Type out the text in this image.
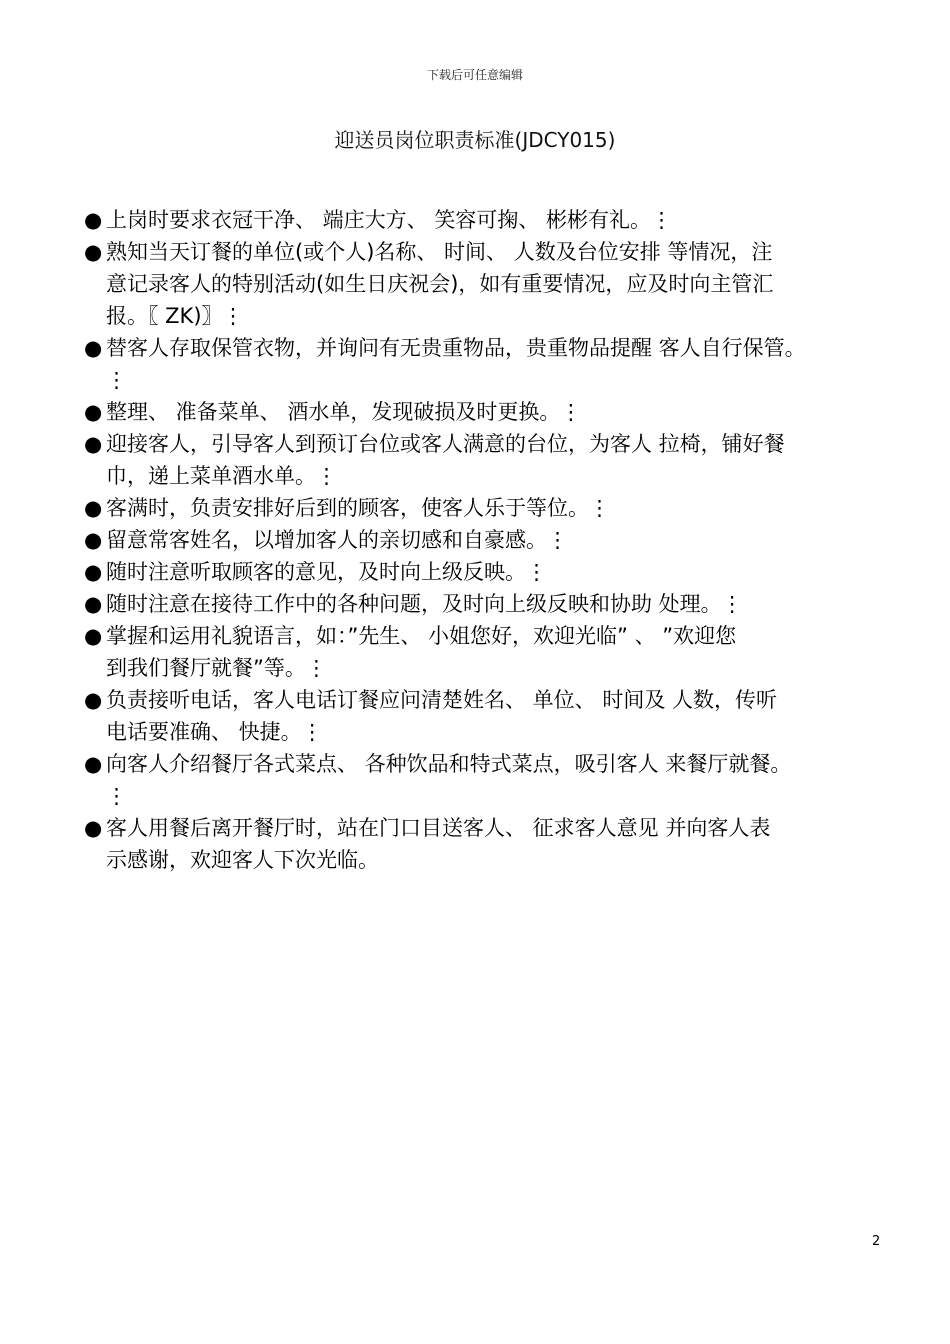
下载后可任意编辑
迎送员岗位职责标准(JDCY015)
● 上岗时要求衣冠干净、 端庄大方、 笑容可掬、 彬彬有礼。⋮
● 熟知当天订餐的单位(或个人)名称、 时间、 人数及台位安排 等情况，注
意记录客人的特别活动(如生日庆祝会)，如有重要情况，应及时向主管汇
报。〖 ZK)〗⋮
● 替客人存取保管衣物，并询问有无贵重物品，贵重物品提醒 客人自行保管。
⋮
● 整理、 准备菜单、 酒水单，发现破损及时更换。⋮
● 迎接客人，引导客人到预订台位或客人满意的台位，为客人 拉椅，铺好餐
巾，递上菜单酒水单。⋮
● 客满时，负责安排好后到的顾客，使客人乐于等位。⋮
● 留意常客姓名，以增加客人的亲切感和自豪感。⋮
● 随时注意听取顾客的意见，及时向上级反映。⋮
● 随时注意在接待工作中的各种问题，及时向上级反映和协助 处理。⋮
● 掌握和运用礼貌语言，如：”先生、 小姐您好，欢迎光临” 、 ”欢迎您
到我们餐厅就餐”等。⋮
● 负责接听电话，客人电话订餐应问清楚姓名、 单位、 时间及 人数，传听
电话要准确、 快捷。⋮
● 向客人介绍餐厅各式菜点、 各种饮品和特式菜点，吸引客人 来餐厅就餐。
⋮
● 客人用餐后离开餐厅时，站在门口目送客人、 征求客人意见 并向客人表
示感谢，欢迎客人下次光临。
2
